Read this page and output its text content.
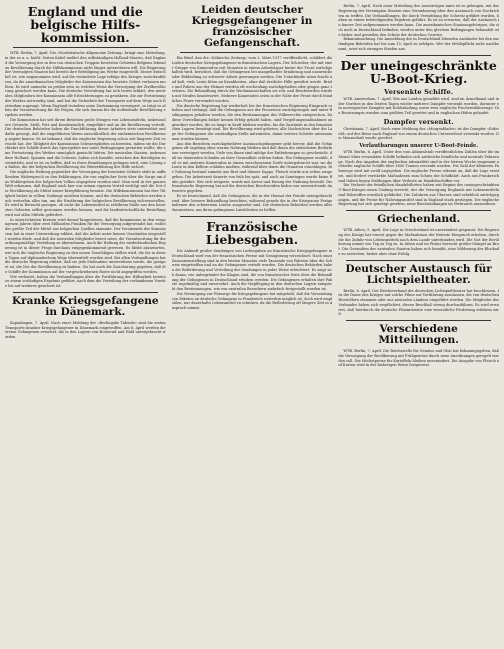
England und die belgische Hilfs-kommission.

WTB. Berlin, 7. April. Die »Norddeutsche Allgemeine Zeitung« bringt eine Mitteilung, in der es u. a. heißt: Seiten Kabel meldet den selbständigen Holland-Staates, daß England die Versorgung der in den von deutschen Truppen besetzten Gebieten Belgiens lebenden Bevölkerung durch die Hilfskommission nicht länger unterstützen will. Die Regierung der Vereinigten Staaten hat bereits ihre Beteiligung am Werke eingestellt. Dieser Entschluß ist, wie angenommen wird, auf die veränderte Lage infolge des Krieges zurückzuführen, da die amerikanischen Mitglieder der Kommission das besetzte Gebiet verlassen mußten. Es wird nunmehr zu prüfen sein, in welcher Weise die Versorgung der Zivilbevölkerung gesichert werden kann. Die deutsche Verwaltung hat sich bereit erklärt, den neutralen Mitgliedern der Kommission alle Erleichterungen zu gewähren, die zur Fortsetzung des Werkes notwendig sind, und hat die Sicherheit der Transporte auf dem Wege nach Rotterdam zugesagt. Wenn England trotzdem seine Zustimmung verweigert, so trägt es allein die Verantwortung für die Folgen, die sich daraus für die notleidende Bevölkerung ergeben werden.

Die Kommission hat seit ihrem Bestehen große Mengen von Lebensmitteln, insbesondere Getreide, Mehl, Fett und Kondensmilch, eingeführt und an die Bevölkerung verteilt. Die deutschen Behörden haben die Durchführung dieser Arbeiten stets unterstützt und dafür gesorgt, daß die eingeführten Waren ausschließlich der einheimischen Bevölkerung zugute kamen. Es ist bekannt, daß die englische Regierung schon seit längerer Zeit versucht hat, der Tätigkeit der Kommission Schwierigkeiten zu bereiten, indem sie die Durchfahrt der Schiffe durch das Sperrgebiet nur unter Bedingungen gestatten wollte, die eine Fortsetzung des Werkes unmöglich gemacht hätten. Die neutralen Staaten, insbesondere Holland, Spanien und die Schweiz, haben sich bemüht, zwischen den Beteiligten zu vermitteln, und es ist zu hoffen, daß es ihren Bemühungen gelingen wird, eine Lösung zu finden, die der belgischen Bevölkerung die Weiterführung der Hilfe sichert.

Die englische Haltung gegenüber der Versorgung der besetzten Gebiete steht in auffallendem Widerspruch zu den Erklärungen, die von englischer Seite über die Sorge um das Wohlergehen des belgischen Volkes abgegeben worden sind. Man wird in der ganzen Welt erkennen, daß England auch hier nur seinen eigenen Vorteil verfolgt und die Not der Bevölkerung als Mittel seiner Kriegführung benutzt. Die Hilfskommission hat ihre Tätigkeit bisher in vollem Umfange ausüben können, und die deutschen Behörden werden auch weiterhin alles tun, um die Ernährung der belgischen Bevölkerung sicherzustellen. Es wird in Betracht gezogen, ob nicht die Lebensmittel in erhöhtem Maße aus den besetzten Gebieten selbst gewonnen werden können, und die landwirtschaftliche Bestellung wird mit allen Mitteln gefördert.

In unterrichteten Kreisen wird darauf hingewiesen, daß die Kommission in den vergangenen Jahren über zwei Milliarden Franken für die Versorgung aufgewendet hat, wobei der größte Teil der Mittel aus belgischen Quellen stammte. Der Vorsitzende der Kommission hat in einer Unterredung erklärt, daß die Arbeit unter keinen Umständen eingestellt werden dürfe, und daß die neutralen Mitglieder bereit seien, die Verantwortung für die ordnungsmäßige Verteilung zu übernehmen. Auch die Haltung der niederländischen Regierung ist in dieser Frage durchaus entgegenkommend gewesen. Es bleibt abzuwarten, wie sich die englische Regierung zu den neuen Vorschlägen stellen wird, die ihr in diesen Tagen auf diplomatischem Wege übermittelt worden sind. Bei allen Verhandlungen hat die deutsche Regierung erklärt, daß sie jede Maßnahme unterstützen werde, die geeignet ist, die Not der Bevölkerung zu lindern. Sie hat auch die Zusicherung gegeben, daß die Schiffe der Kommission auf der vorgeschriebenen Route nicht angegriffen werden.

Wie verlautet, haben die Verhandlungen über die Fortführung der Hilfsarbeit bereits zu einem vorläufigen Ergebnis geführt, nach dem die Verteilung der vorhandenen Vorräte bis auf weiteres gesichert ist.

Kranke Kriegsgefangene in Dänemark.

Kopenhagen, 7. April. Nach einer Meldung der »Berlingske Tidende« sind die ersten Transporte kranker Kriegsgefangener in Dänemark eingetroffen. Am 8. April werden die ersten Gefangenen erwartet, die in den Lagern von Horserød und Hald untergebracht werden.

Leiden deutscher Kriegsgefangener in französischer Gefangenschaft.

Ein Brief, den die »Kölnische Zeitung« vom 2. März 1917 veröffentlicht, schildert die Leiden deutscher Kriegsgefangener in französischen Lagern. Der Schreiber, der mit einer Gruppe von Kameraden seit Monaten in einem Arbeitslager hinter der Front zurückgehalten wird, berichtet, daß die Gefangenen bei mangelhafter Ernährung und unzureichender Bekleidung zu schwerer Arbeit gezwungen werden. Die Unterkünfte seien feucht und kalt, viele Leute litten an Krankheiten, ohne daß ärztliche Hilfe gewährt werde. Briefe und Pakete aus der Heimat würden oft wochenlang zurückgehalten oder gingen ganz verloren. Die Behandlung durch die Wachmannschaften sei roh, und Beschwerden würden mit Strafen beantwortet. Mehrere Kameraden seien in der Nähe der Front durch feindliches Feuer verwundet worden.

Die deutsche Regierung hat wiederholt bei der französischen Regierung Einspruch erhoben und verlangt, daß die Gefangenen aus der Feuerzone zurückgezogen und unter Bedingungen gehalten werden, die den Bestimmungen des Völkerrechts entsprechen. Da diese Vorstellungen bisher keinen Erfolg gehabt haben, sind Vergeltungsmaßnahmen angeordnet worden, die so lange in Kraft bleiben werden, bis die Zustände in den französischen Lagern beseitigt sind. Die Bevölkerung wird gebeten, alle Nachrichten über die Lage der Gefangenen der zuständigen Stelle mitzuteilen, damit weitere Schritte unternommen werden können.

Aus den Berichten zurückgekehrter Austauschgefangener geht hervor, daß die Gefangenen oft tagelang ohne warme Nahrung bleiben und daß ihnen die einfachsten Bedürfnisse verweigert werden. Viele von ihnen sind infolge der Entbehrungen so geschwächt, daß sie dauernden Schaden an ihrer Gesundheit erlitten haben. Ein Gefangener erzählt, daß er mit anderen Kameraden in einem zerschossenen Dorfe untergebracht war, wo die Leute in den Kellern schlafen mußten, während über ihnen die Granaten einschlugen. Die Nahrung bestand zumeist aus Brot und dünner Suppe, Fleisch wurde nur selten ausgegeben. Die Arbeitszeit dauerte von früh bis spät, und auch an Sonntagen wurde keine Ruhe gewährt. Wer sich weigerte, wurde mit Arrest und Entzug der Nahrung bestraft. Die französische Regierung hat auf die deutschen Beschwerden bisher nur ausweichende Antworten gegeben.

Es ist bezeichnend, daß die Gefangenen, die in der Heimat der Feinde untergebracht sind, über bessere Behandlung berichten, während gerade die in der Kriegszone Festgehaltenen den schwersten Leiden ausgesetzt sind. Die deutschen Behörden werden alles daransetzen, um ihren gefangenen Landsleuten zu helfen.

Französische Liebesgaben.

Die Ankunft großer Sendungen von Liebesgaben an französische Kriegsgefangene in Deutschland wird von der französischen Presse mit Genugtuung verzeichnet. Nach einer Zusammenstellung sind in den letzten Monaten viele Tausende von Paketen über die Schweiz eingetroffen und an die Gefangenen verteilt worden. Die deutschen Behörden haben die Beförderung und Verteilung der Sendungen in jeder Weise erleichtert. Es zeigt sich daran, wie unbegründet die Klagen sind, die von französischer Seite über die Behandlung der Gefangenen in Deutschland erhoben werden. Die Gefangenen erhalten ihre Pakete regelmäßig und unversehrt. Auch die Verpflegung in den deutschen Lagern entspricht den Bestimmungen, wie von neutralen Besuchern mehrfach festgestellt worden ist.

Die Vereinigung zur Fürsorge für Kriegsgefangene hat mitgeteilt, daß die Versendung von Paketen an deutsche Gefangene in Frankreich weiterhin möglich ist, doch wird empfohlen, nur dauerhafte Lebensmittel zu schicken, da die Beförderung oft längere Zeit in Anspruch nimmt.

Berlin, 7. April. Nach einer Mitteilung des Auswärtigen Amts ist es gelungen, mit der Regierung der Vereinigten Staaten eine Vereinbarung über den Austausch von Nachrichten zu treffen. Die Verhandlungen, die durch Vermittlung der Schweiz geführt wurden, haben zu einem befriedigenden Ergebnis geführt. Es ist zu erwarten, daß der Austausch in kurzer Zeit aufgenommen werden kann. Die amerikanischen Staatsangehörigen, die sich noch in Deutschland befinden, werden unter den gleichen Bedingungen behandelt wie bisher und genießen den Schutz der deutschen Gesetze.

Bekanntmachung. Die Anmeldung der in Deutschland lebenden Ausländer bei den zuständigen Behörden hat bis zum 15. April zu erfolgen. Wer der Meldepflicht nicht nachkommt, setzt sich strengen Strafen aus.

Der uneingeschränkte U-Boot-Krieg.
Versenkte Schiffe.

WTB. Amsterdam, 7. April. Wie aus London gemeldet wird, sind im Ärmelkanal und in der Nordsee in den letzten Tagen wieder mehrere Dampfer versenkt worden, darunter ein norwegischer Dampfer mit Kohlenladung sowie zwei englische Fischereifahrzeuge. Die Besatzungen wurden zum größten Teil gerettet und in englischen Häfen gelandet.

Dampfer versenkt.

Christiania, 7. April. Nach einer Meldung des »Morgenbladet« ist der Dampfer »Eidsvold« auf der Reise nach England von einem deutschen Unterseeboot versenkt worden. Die Mannschaft wurde gerettet.

Verlautbarungen unserer U-Boot-Feinde.

WTB. Berlin, 6. April. Unter den vom Admiralstab veröffentlichten Zahlen über die im Monat März versenkten Schiffe befinden sich zahlreiche feindliche und neutrale Fahrzeuge. Nach den Angaben der englischen Admiralität sind in der letzten Woche insgesamt achtzehn englische Schiffe über 1600 Tonnen versenkt worden. Die Zahl der kleineren Fahrzeuge wird mit zwölf angegeben. Die englische Presse erkennt an, daß die Lage ernst sei, und fordert verstärkte Maßnahmen zum Schutz der Schiffahrt. Auch aus Frankreich und Italien liegen Meldungen über Verluste an Handelsschiffen vor.

Die Verluste der feindlichen Handelsflotten haben seit Beginn des uneingeschränkten U-Boot-Krieges einen Umfang erreicht, der die Versorgung Englands mit Lebensmitteln und Rohstoffen ernstlich gefährdet. Die Zufuhren aus Übersee sind erheblich zurückgegangen, und die Preise für Nahrungsmittel sind in England stark gestiegen. Die englische Regierung hat sich genötigt gesehen, neue Beschränkungen im Verbrauch anzuordnen.

Griechenland.

WTB. Athen, 5. April. Die Lage in Griechenland ist unverändert gespannt. Die Regierung des Königs hat erneut gegen die Maßnahmen der Entente Einspruch erhoben, durch die die Zufuhr von Lebensmitteln nach dem Lande unterbunden wird. Die Not der Bevölkerung nimmt von Tag zu Tag zu. In Athen und im Piräus herrscht großer Mangel an Brot. Die Gesandten der neutralen Staaten haben sich bemüht, eine Milderung der Blockade zu erreichen, bisher aber ohne Erfolg.

Deutscher Austausch für Lichtspieltheater.

Berlin, 6. April. Der Reichsverband der deutschen Lichtspieltheater hat beschlossen, für die Dauer des Krieges nur solche Filme zur Vorführung zuzulassen, die von deutschen Herstellern stammen oder aus neutralen Ländern eingeführt werden. Die Mitglieder des Verbandes haben sich verpflichtet, diesen Beschluß streng durchzuführen. Es wird erwartet, daß hierdurch die deutsche Filmindustrie eine wesentliche Förderung erfahren wird.

Verschiedene Mitteilungen.

WTB. Berlin, 7. April. Die Reichsstelle für Gemüse und Obst hat bekanntgegeben, daß die Versorgung der Bevölkerung mit Frühgemüse durch neue Anordnungen geregelt werden soll. Die Höchstpreise für Kartoffeln bleiben unverändert. Die Ausgabe von Fleisch auf Karten wird in der bisherigen Weise fortgesetzt.
